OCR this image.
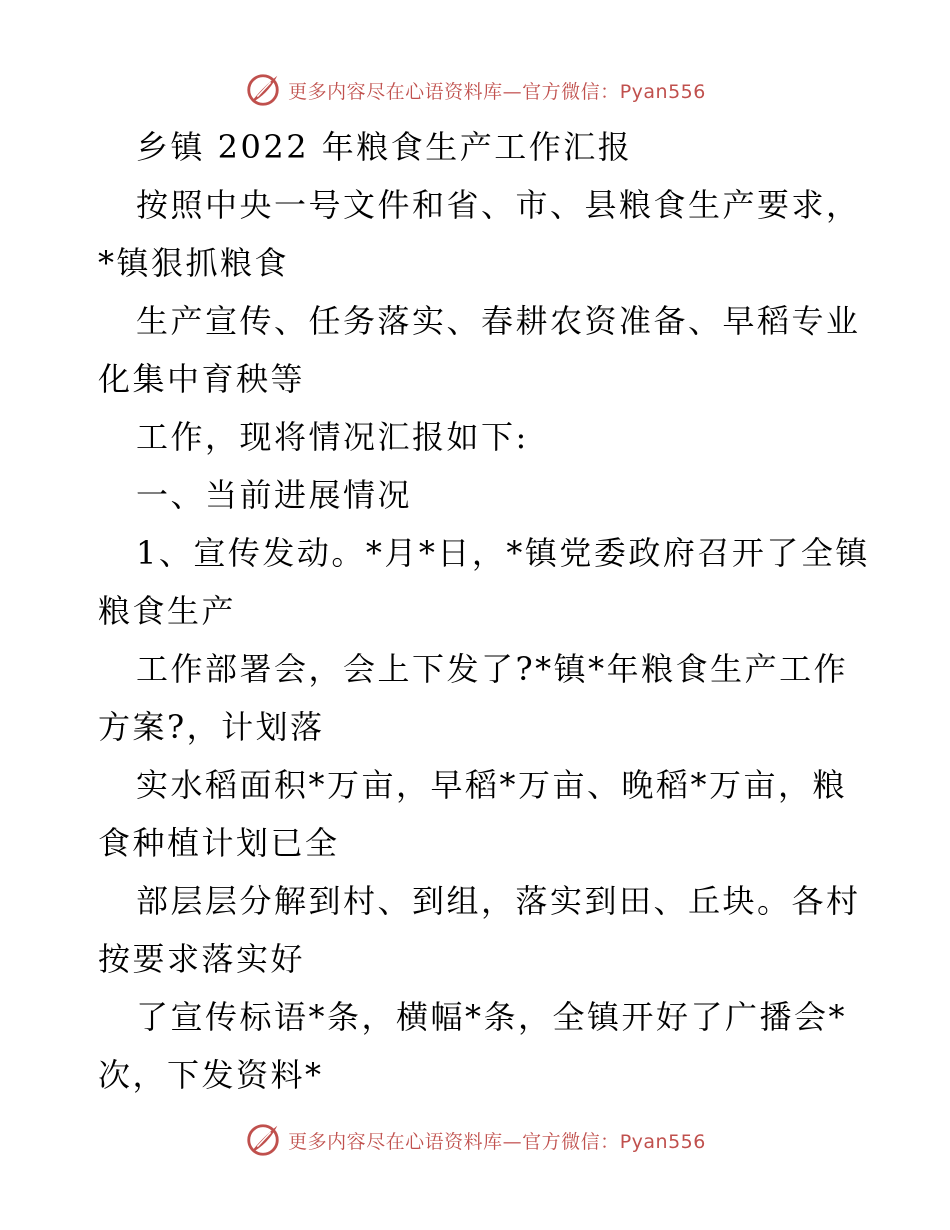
更多内容尽在心语资料库—官方微信：Pyan556
乡镇 2022 年粮食生产工作汇报
按照中央一号文件和省、市、县粮食生产要求，
*镇狠抓粮食
生产宣传、任务落实、春耕农资准备、早稻专业
化集中育秧等
工作，现将情况汇报如下:
一、当前进展情况
1、宣传发动。*月*日，*镇党委政府召开了全镇
粮食生产
工作部署会，会上下发了?*镇*年粮食生产工作
方案?，计划落
实水稻面积*万亩，早稻*万亩、晚稻*万亩，粮
食种植计划已全
部层层分解到村、到组，落实到田、丘块。各村
按要求落实好
了宣传标语*条，横幅*条，全镇开好了广播会*
次，下发资料*
更多内容尽在心语资料库—官方微信：Pyan556
